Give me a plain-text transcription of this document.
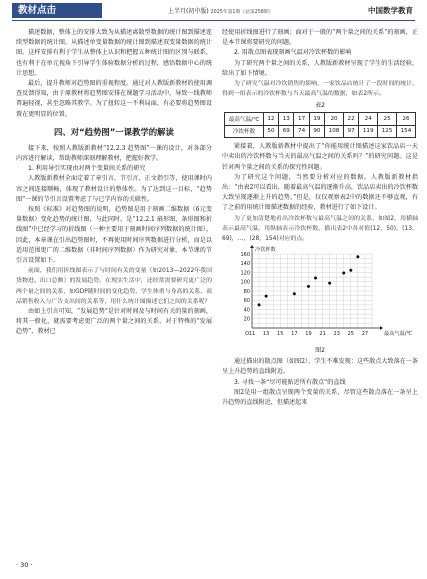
教材点击	上半月(初中版) 2025年第1期（总第258期）	中国数学教育

描述数据，整体上的安排大致为从描述离散型数据的统计图到描述连续型数据的统计图，从描述单变量数据的统计图到描述双变量数据的统计图。这样安排有利于学生从整体上认识和把握五种统计图的区别与联系，也有利于在单元视角下引导学生体验数据分析的过程，感悟数据中心的统计思想。

最后，提升教师对趋势图的重视程度。通过对人教版新教材的使用调查反馈得知，由于原教材将趋势图安排在课题学习活动中，导致一线教师普遍轻视，甚至忽略其教学。为了扭转这一不利局面，有必要将趋势图设置在更明显的位置。

四、对“趋势图”一课教学的解读

接下来，按照人教版新教材“12.2.3 趋势图”一课的设计，对各部分内容进行解读，帮助教师深刻理解教材，把握好教学。

1. 利用导引实现由对两个变量间关系的研究

人教版新教材全面定着了章引言、节引言、正文指引等，使用课时内容之间连接顺畅，体现了教材设计的整体性。为了达到这一目标，“趋势图”一课的节引言设置考虑了与已学内容的关联性。

按照《标准》对趋势图的说明，趋势图是用于刻画二维数据（6元变量数据）变化趋势的统计图，与此同时，是“12.2.1 扇形图、条形图和折线图”中已经学习的折线图（一种主要用于刻画时间序列数据的统计图）。因此，本章课在引出趋势图时，不再使用时间序列数据进行分析，而是以适用范围更广的二维数据（非时间序列数据）作为研究对象。本节课的节引言设置如下。

前面，我们用折线图表示了与时间有关的变量（如2013—2022年我国货物进、出口总额）的发展趋势。在现实生活中，还经常需要研究更广泛的两个量之间的关系，如GDP随时间的变化趋势、学生体重与身高的关系、商品销售收入与广告支出间的关系等，用什么统计图描述它们之间的关系呢？

由如上引言可知，“发展趋势”是针对时间及与时间有关的量的刻画，将其一般化，就需要考虑更广泛的两个量之间的关系，对于特殊的“发展趋势”，教材已

经使用折线图进行了刻画；面对于一般的“两个量之间的关系”的刻画，正是本节课将要研究的问题。

2. 用散点图表现刻画气温对冷饮杯数的影响

为了研究两个量之间的关系，人教版新教材呈现了学生的生活经验，给出了如下情境。

为了研究气温对冷饮销售的影响，一家饮品店统计了一段时间的统计，得到一组表示的冷饮杯数与当天最高气温的数据，如表2所示。

表2
最高气温/℃	12	13	17	19	20	22	24	25	26
冷饮杯数	50	69	74	90	108	97	119	125	154

紧接着，人教版新教材中提出了“你能用统计图描述这家饮品店一天中卖出的冷饮杯数与当天的最高气温之间的关系吗？”的研究问题。这是针对两个量之间的关系的探究性问题。

为了研究这个问题，当然要分析对应的数据。人教版新教材指出：“由表2可以看出，随着最高气温的逐渐升高，饮品店卖出的冷饮杯数大致呈现逐渐上升的趋势。”但是，仅仅观察表2中的数据还不够直观，有了之前的用统计图描述数据的经验，教材进行了如下设计。

为了更加清楚地看出冷饮杯数与最高气温之间的关系，如图2，用横轴表示最高气温，用纵轴表示冷饮杯数，描出表2中各对值(12，50)，(13，69)，…，(28，154)对应的点。

11 13 15 17 19 21 23 25 27
20
40
60
80
100
120
140
160
O	最高气温/℃
冷饮杯数
图2

通过描出的散点图（如图2），学生不难发现：这些散点大致落在一条呈上升趋势的直线附近。

3. 寻找一条“尽可能贴近所有散点”的直线

图2是用一组散点呈现两个变量的关系，尽管这些散点落在一条呈上升趋势的直线附近，但描述起来

· 30 ·
